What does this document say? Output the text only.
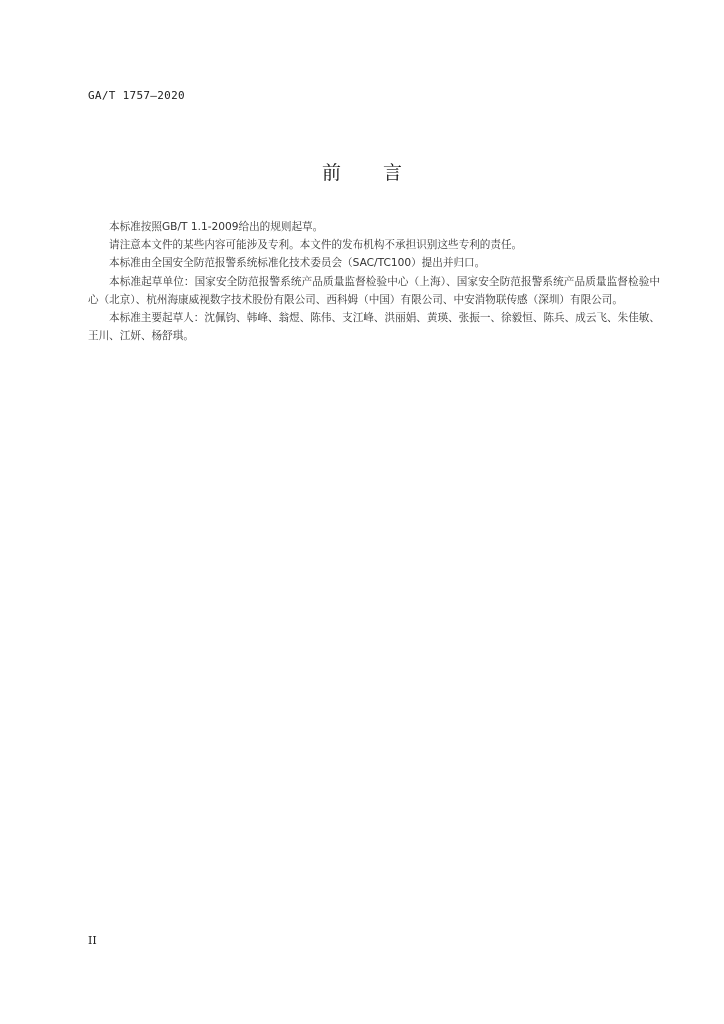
GA/T 1757—2020
前 言

本标准按照GB/T 1.1-2009给出的规则起草。

请注意本文件的某些内容可能涉及专利。本文件的发布机构不承担识别这些专利的责任。

本标准由全国安全防范报警系统标准化技术委员会（SAC/TC100）提出并归口。

本标准起草单位：国家安全防范报警系统产品质量监督检验中心（上海）、国家安全防范报警系统产品质量监督检验中心（北京）、杭州海康威视数字技术股份有限公司、西科姆（中国）有限公司、中安消物联传感（深圳）有限公司。

本标准主要起草人：沈佩钧、韩峰、翁煜、陈伟、支江峰、洪丽娟、黄瑛、张振一、徐毅恒、陈兵、成云飞、朱佳敏、王川、江妍、杨舒琪。

II
